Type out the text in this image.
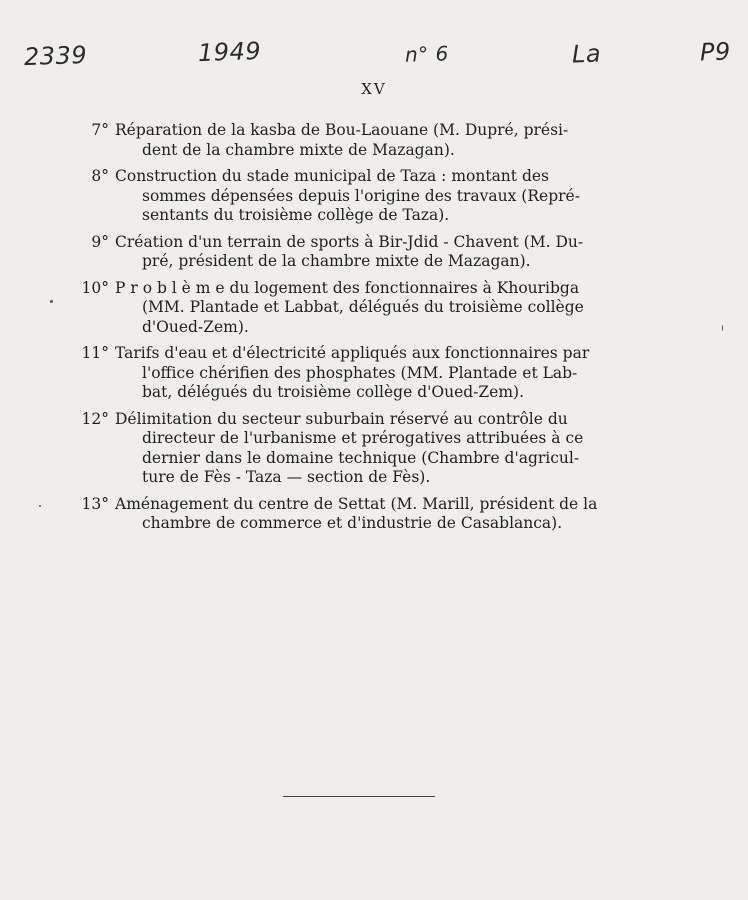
2339	1949	n° 6	La	P9
XV
7° Réparation de la kasba de Bou-Laouane (M. Dupré, prési-
dent de la chambre mixte de Mazagan).
8° Construction du stade municipal de Taza : montant des
sommes dépensées depuis l'origine des travaux (Repré-
sentants du troisième collège de Taza).
9° Création d'un terrain de sports à Bir-Jdid - Chavent (M. Du-
pré, président de la chambre mixte de Mazagan).
10° P r o b l è m e du logement des fonctionnaires à Khouribga
(MM. Plantade et Labbat, délégués du troisième collège
d'Oued-Zem).
11° Tarifs d'eau et d'électricité appliqués aux fonctionnaires par
l'office chérifien des phosphates (MM. Plantade et Lab-
bat, délégués du troisième collège d'Oued-Zem).
12° Délimitation du secteur suburbain réservé au contrôle du
directeur de l'urbanisme et prérogatives attribuées à ce
dernier dans le domaine technique (Chambre d'agricul-
ture de Fès - Taza — section de Fès).
13° Aménagement du centre de Settat (M. Marill, président de la
chambre de commerce et d'industrie de Casablanca).
